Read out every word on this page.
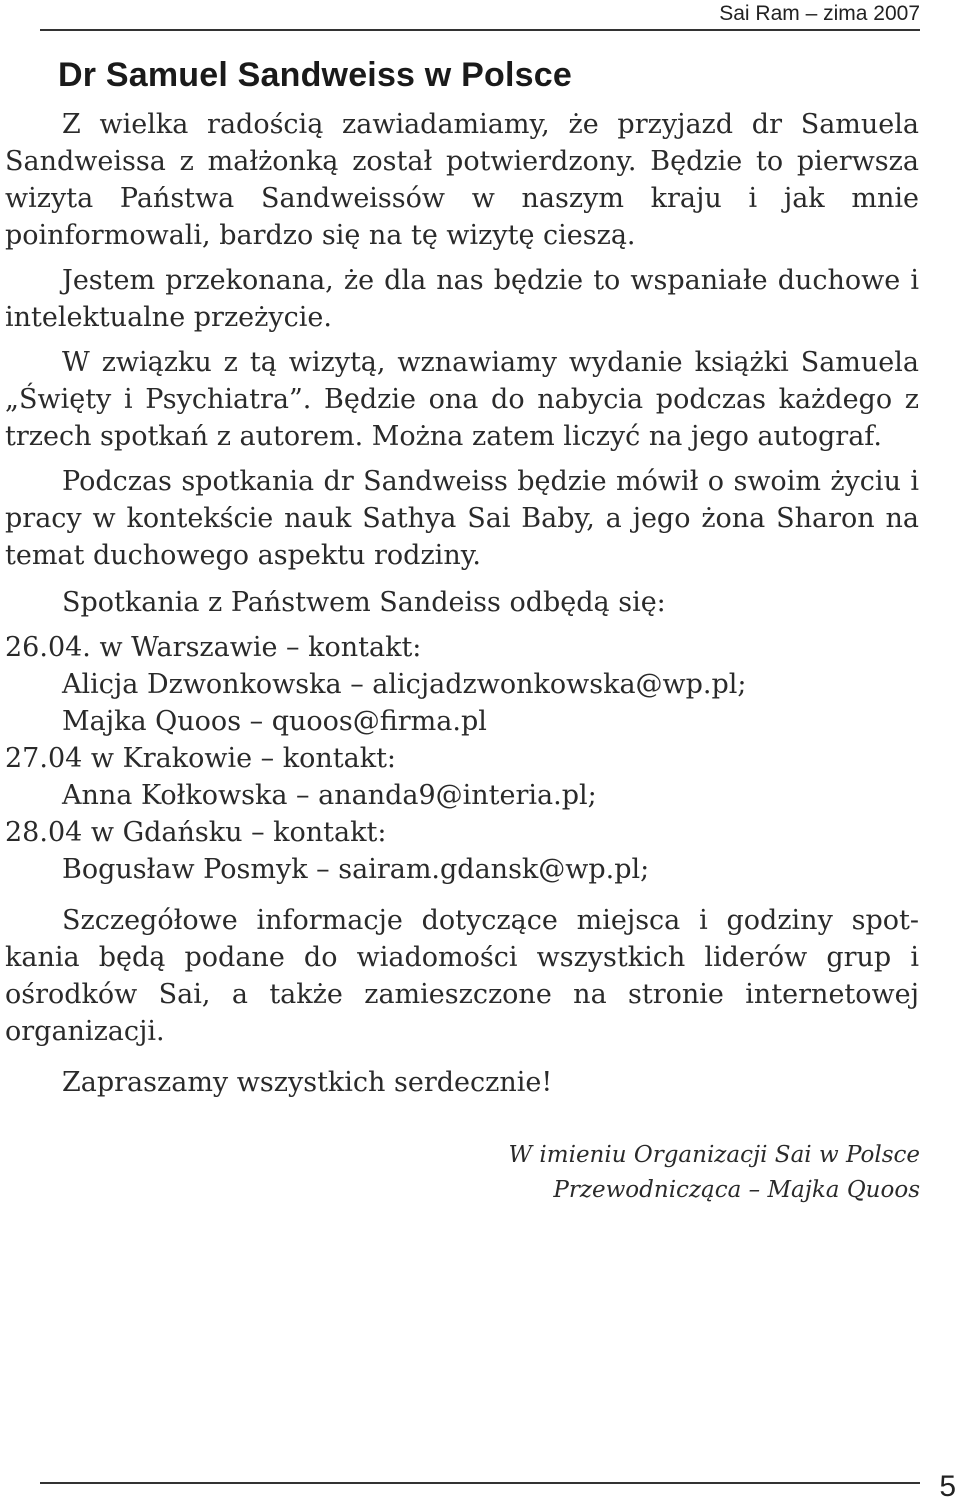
Sai Ram – zima 2007
Dr Samuel Sandweiss w Polsce

Z wielka radością zawiadamiamy, że przyjazd dr Samuela Sandweissa z małżonką został potwierdzony. Będzie to pierwsza wizyta Państwa Sandweissów w naszym kraju i jak mnie poinformowali, bardzo się na tę wizytę cieszą.

Jestem przekonana, że dla nas będzie to wspaniałe duchowe i intelektualne przeżycie.

W związku z tą wizytą, wznawiamy wydanie książki Samuela „Święty i Psychiatra”. Będzie ona do nabycia podczas każdego z trzech spotkań z autorem. Można zatem liczyć na jego autograf.

Podczas spotkania dr Sandweiss będzie mówił o swoim życiu i pracy w kontekście nauk Sathya Sai Baby, a jego żona Sharon na temat duchowego aspektu rodziny.

Spotkania z Państwem Sandeiss odbędą się:

26.04. w Warszawie – kontakt:

Alicja Dzwonkowska – alicjadzwonkowska@wp.pl;

Majka Quoos – quoos@firma.pl

27.04 w Krakowie – kontakt:

Anna Kołkowska – ananda9@interia.pl;

28.04 w Gdańsku – kontakt:

Bogusław Posmyk – sairam.gdansk@wp.pl;

Szczegółowe informacje dotyczące miejsca i godziny spotkania będą podane do wiadomości wszystkich liderów grup i ośrodków Sai, a także zamieszczone na stronie internetowej organizacji.

Zapraszamy wszystkich serdecznie!

W imieniu Organizacji Sai w Polsce
Przewodnicząca – Majka Quoos
5
